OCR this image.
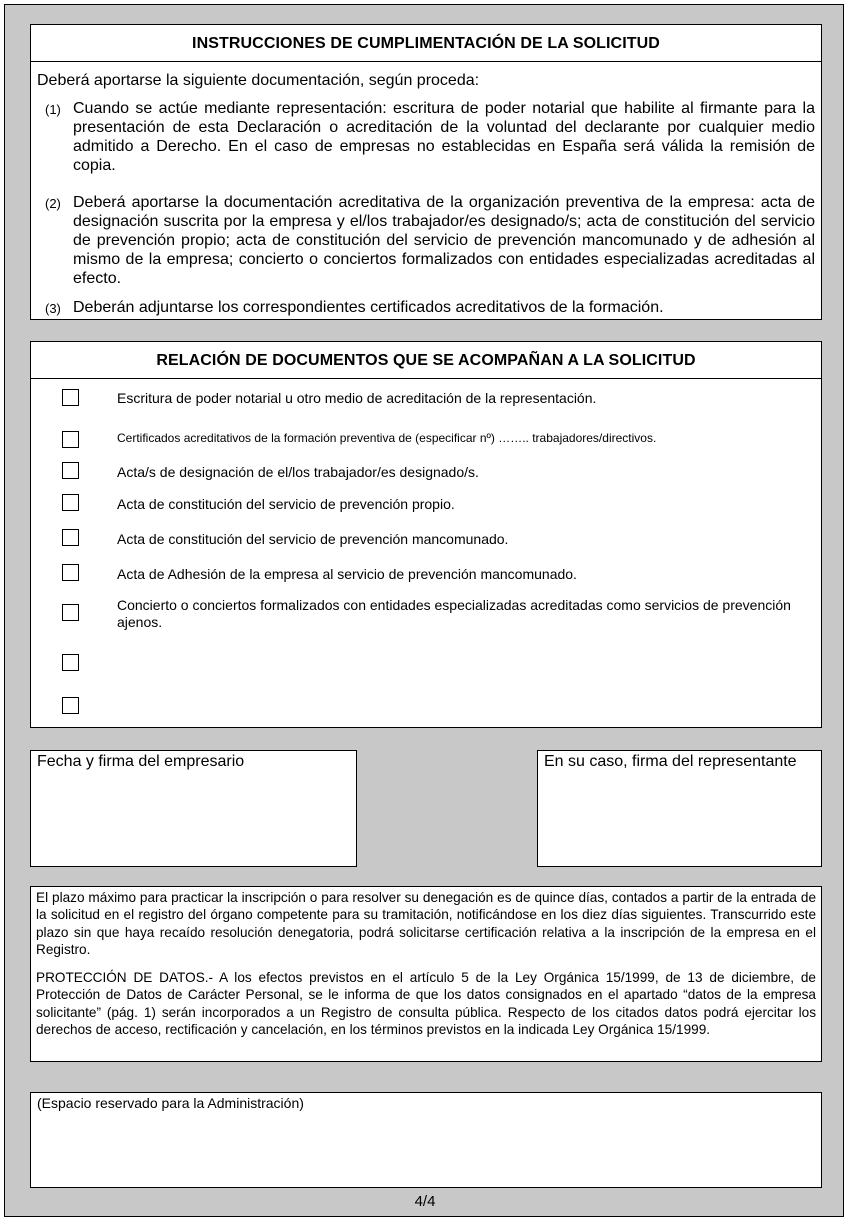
INSTRUCCIONES DE CUMPLIMENTACIÓN DE LA SOLICITUD
Deberá aportarse la siguiente documentación, según proceda:
(1) Cuando se actúe mediante representación: escritura de poder notarial que habilite al firmante para la presentación de esta Declaración o acreditación de la voluntad del declarante por cualquier medio admitido a Derecho. En el caso de empresas no establecidas en España será válida la remisión de copia.
(2) Deberá aportarse la documentación acreditativa de la organización preventiva de la empresa: acta de designación suscrita por la empresa y el/los trabajador/es designado/s; acta de constitución del servicio de prevención propio; acta de constitución del servicio de prevención mancomunado y de adhesión al mismo de la empresa; concierto o conciertos formalizados con entidades especializadas acreditadas al efecto.
(3) Deberán adjuntarse los correspondientes certificados acreditativos de la formación.
RELACIÓN DE DOCUMENTOS QUE SE ACOMPAÑAN A LA SOLICITUD
Escritura de poder notarial u otro medio de acreditación de la representación.
Certificados acreditativos de la formación preventiva de (especificar nº) …….. trabajadores/directivos.
Acta/s de designación de el/los trabajador/es designado/s.
Acta de constitución del servicio de prevención propio.
Acta de constitución del servicio de prevención mancomunado.
Acta de Adhesión de la empresa al servicio de prevención mancomunado.
Concierto o conciertos formalizados con entidades especializadas acreditadas como servicios de prevención ajenos.
Fecha y firma del empresario	En su caso, firma del representante
El plazo máximo para practicar la inscripción o para resolver su denegación es de quince días, contados a partir de la entrada de la solicitud en el registro del órgano competente para su tramitación, notificándose en los diez días siguientes. Transcurrido este plazo sin que haya recaído resolución denegatoria, podrá solicitarse certificación relativa a la inscripción de la empresa en el Registro.
PROTECCIÓN DE DATOS.- A los efectos previstos en el artículo 5 de la Ley Orgánica 15/1999, de 13 de diciembre, de Protección de Datos de Carácter Personal, se le informa de que los datos consignados en el apartado “datos de la empresa solicitante” (pág. 1) serán incorporados a un Registro de consulta pública. Respecto de los citados datos podrá ejercitar los derechos de acceso, rectificación y cancelación, en los términos previstos en la indicada Ley Orgánica 15/1999.
(Espacio reservado para la Administración)
4/4
